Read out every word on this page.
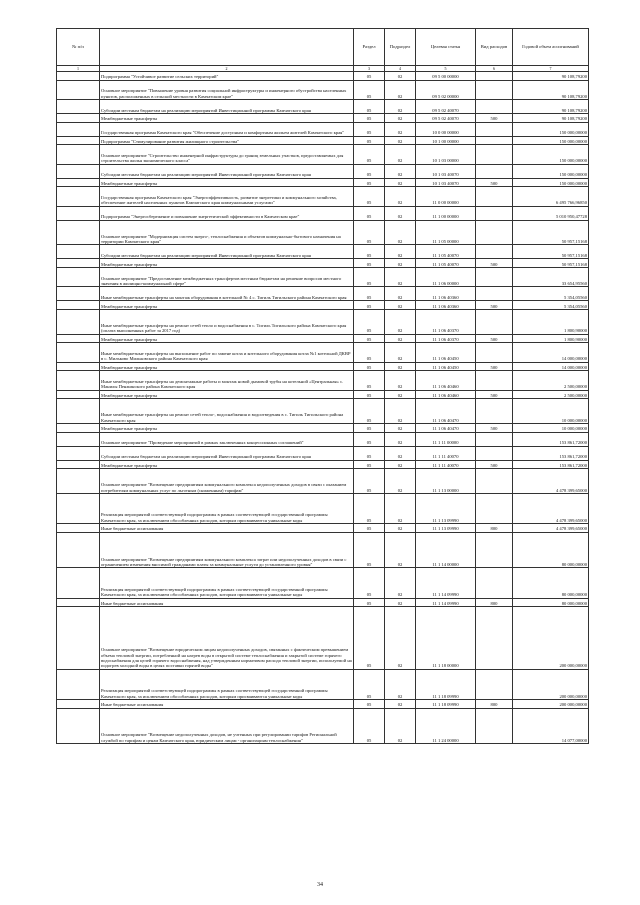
№ п/п		Раздел	Подраздел	Целевая статья	Вид расходов	Годовой объем ассигнований
1	2	3	4	5	6	7
	Подпрограмма "Устойчивое развитие сельских территорий"	05	02	09 5 00 00000		90 108,79200
	Основное мероприятие "Повышение уровня развития социальной инфраструктуры и инженерного обустройства населенных пунктов, расположенных в сельской местности в Камчатском крае"	05	02	09 5 02 00000		90 108,79200
	Субсидии местным бюджетам на реализацию мероприятий Инвестиционной программы Камчатского края	05	02	09 5 02 40070		90 108,79200
	Межбюджетные трансферты	05	02	09 5 02 40070	500	90 108,79200
	Государственная программа Камчатского края "Обеспечение доступным и комфортным жильем жителей Камчатского края"	05	02	10 0 00 00000		150 000,00000
	Подпрограмма "Стимулирование развития жилищного строительства"	05	02	10 1 00 00000		150 000,00000
	Основное мероприятие "Строительство инженерной инфраструктуры до границ земельных участков, предоставляемых для строительства жилья экономического класса"	05	02	10 1 03 00000		150 000,00000
	Субсидии местным бюджетам на реализацию мероприятий Инвестиционной программы Камчатского края	05	02	10 1 03 40070		150 000,00000
	Межбюджетные трансферты	05	02	10 1 03 40070	500	150 000,00000
	Государственная программа Камчатского края "Энергоэффективность, развитие энергетики и коммунального хозяйства, обеспечение жителей населенных пунктов Камчатского края коммунальными услугами"	05	02	11 0 00 00000		6 495 766,96850
	Подпрограмма "Энергосбережение и повышение энергетической эффективности в Камчатском крае"	05	02	11 1 00 00000		5 010 950,47728
	Основное мероприятие "Модернизация систем энерго-, теплоснабжения и объектов коммунально-бытового назначения на территории Камчатского края"	05	02	11 1 05 00000		50 957,15168
	Субсидии местным бюджетам на реализацию мероприятий Инвестиционной программы Камчатского края	05	02	11 1 05 40070		50 957,15168
	Межбюджетные трансферты	05	02	11 1 05 40070	500	50 957,15168
	Основное мероприятие "Предоставление межбюджетных трансфертов местным бюджетам на решение вопросов местного значения в жилищно-коммунальной сфере"	05	02	11 1 06 00000		33 654,95560
	Иные межбюджетные трансферты на монтаж оборудования в котельной № 4 с. Тигиль Тигильского района Камчатского края	05	02	11 1 06 40360		5 354,05560
	Межбюджетные трансферты	05	02	11 1 06 40360	500	5 354,05560
	Иные межбюджетные трансферты на ремонт сетей тепло и водоснабжения в с. Тигиль Тигильского района Камчатского края (оплата выполненных работ за 2017 год)	05	02	11 1 06 40370		1 800,90000
	Межбюджетные трансферты	05	02	11 1 06 40370	500	1 800,90000
	Иные межбюджетные трансферты на выполнение работ по замене котла и котельного оборудования котла №1 котельной ДКВР в с. Мильково Мильковского района Камчатского края	05	02	11 1 06 40450		14 000,00000
	Межбюджетные трансферты	05	02	11 1 06 40450	500	14 000,00000
	Иные межбюджетные трансферты на демонтажные работы и монтаж новой дымовой трубы на котельной «Центральная» с. Манилы Пенжинского района Камчатского края	05	02	11 1 06 40460		2 500,00000
	Межбюджетные трансферты	05	02	11 1 06 40460	500	2 500,00000
	Иные межбюджетные трансферты на ремонт сетей тепло-, водоснабжения и водоотведения в с. Тигиль Тигильского района Камчатского края	05	02	11 1 06 40470		10 000,00000
	Межбюджетные трансферты	05	02	11 1 06 40470	500	10 000,00000
	Основное мероприятие "Проведение мероприятий в рамках заключенных концессионных соглашений"	05	02	11 1 11 00000		153 861,72000
	Субсидии местным бюджетам на реализацию мероприятий Инвестиционной программы Камчатского края	05	02	11 1 11 40070		153 861,72000
	Межбюджетные трансферты	05	02	11 1 11 40070	500	153 861,72000
	Основное мероприятие "Возмещение предприятиям коммунального комплекса недополученных доходов в связи с оказанием потребителям коммунальных услуг по льготным (сниженным) тарифам"	05	02	11 1 13 00000		4 478 399,65000
	Реализация мероприятий соответствующей подпрограммы в рамках соответствующей государственной программы Камчатского края, за исключением обособленных расходов, которым присваиваются уникальные коды	05	02	11 1 13 09990		4 478 399,65000
	Иные бюджетные ассигнования	05	02	11 1 13 09990	800	4 478 399,65000
	Основное мероприятие "Возмещение предприятиям коммунального комплекса затрат или недополученных доходов в связи с ограничением изменения вносимой гражданами платы за коммунальные услуги до установленного уровня"	05	02	11 1 14 00000		80 000,00000
	Реализация мероприятий соответствующей подпрограммы в рамках соответствующей государственной программы Камчатского края, за исключением обособленных расходов, которым присваиваются уникальные коды	05	02	11 1 14 09990		80 000,00000
	Иные бюджетные ассигнования	05	02	11 1 14 09990	800	80 000,00000
	Основное мероприятие "Возмещение юридическим лицам недополученных доходов, связанных с фактическим превышением объема тепловой энергии, потребленной на нагрев воды в открытой системе теплоснабжения и закрытой системе горячего водоснабжения для целей горячего водоснабжения, над утвержденным нормативом расхода тепловой энергии, используемой на подогрев холодной воды в целях поставки горячей воды"	05	02	11 1 18 00000		200 000,00000
	Реализация мероприятий соответствующей подпрограммы в рамках соответствующей государственной программы Камчатского края, за исключением обособленных расходов, которым присваиваются уникальные коды	05	02	11 1 18 09990		200 000,00000
	Иные бюджетные ассигнования	05	02	11 1 18 09990	800	200 000,00000
	Основное мероприятие "Возмещение недополученных доходов, не учтенных при регулировании тарифов Региональной службой по тарифам и ценам Камчатского края, юридическим лицам - организациям теплоснабжения"	05	02	11 1 24 00000		14 077,00000
34
